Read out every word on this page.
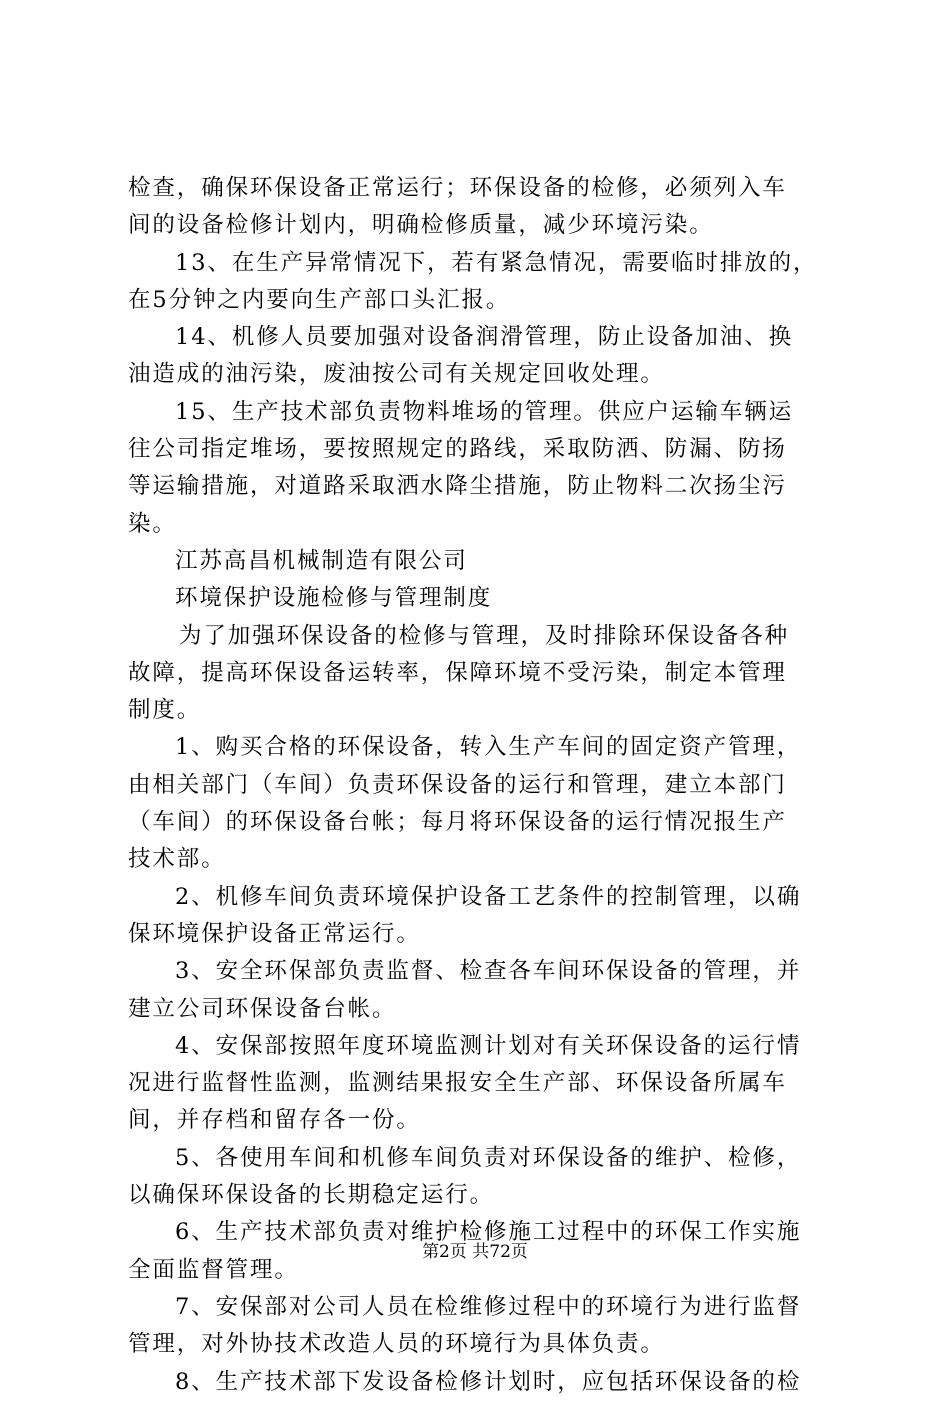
检查，确保环保设备正常运行；环保设备的检修，必须列入车
间的设备检修计划内，明确检修质量，减少环境污染。
13、在生产异常情况下，若有紧急情况，需要临时排放的，
在5分钟之内要向生产部口头汇报。
14、机修人员要加强对设备润滑管理，防止设备加油、换
油造成的油污染，废油按公司有关规定回收处理。
15、生产技术部负责物料堆场的管理。供应户运输车辆运
往公司指定堆场，要按照规定的路线，采取防洒、防漏、防扬
等运输措施，对道路采取洒水降尘措施，防止物料二次扬尘污
染。
江苏高昌机械制造有限公司
环境保护设施检修与管理制度
为了加强环保设备的检修与管理，及时排除环保设备各种
故障，提高环保设备运转率，保障环境不受污染，制定本管理
制度。
1、购买合格的环保设备，转入生产车间的固定资产管理，
由相关部门（车间）负责环保设备的运行和管理，建立本部门
（车间）的环保设备台帐；每月将环保设备的运行情况报生产
技术部。
2、机修车间负责环境保护设备工艺条件的控制管理，以确
保环境保护设备正常运行。
3、安全环保部负责监督、检查各车间环保设备的管理，并
建立公司环保设备台帐。
4、安保部按照年度环境监测计划对有关环保设备的运行情
况进行监督性监测，监测结果报安全生产部、环保设备所属车
间，并存档和留存各一份。
5、各使用车间和机修车间负责对环保设备的维护、检修，
以确保环保设备的长期稳定运行。
6、生产技术部负责对维护检修施工过程中的环保工作实施
全面监督管理。
7、安保部对公司人员在检维修过程中的环境行为进行监督
管理，对外协技术改造人员的环境行为具体负责。
8、生产技术部下发设备检修计划时，应包括环保设备的检
第2页 共72页
